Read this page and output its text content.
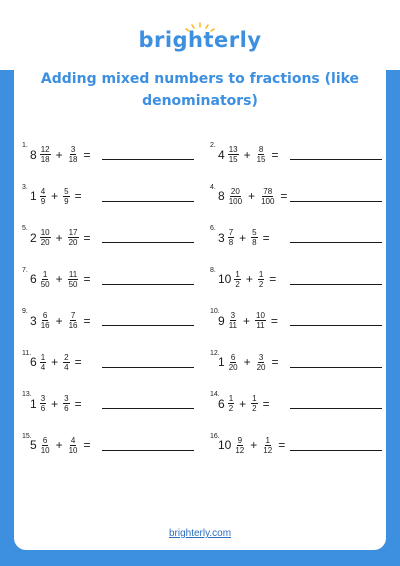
brighterly
Adding mixed numbers to fractions (like denominators)
1.
$8 \frac{12}{18} + \frac{3}{18}$ =
2.
$4 \frac{13}{15} + \frac{8}{15}$ =
3.
$1 \frac{4}{9} + \frac{5}{9}$ =
4.
$8 \frac{20}{100} + \frac{78}{100}$ =
5.
$2 \frac{10}{20} + \frac{17}{20}$ =
6.
$3 \frac{7}{8} + \frac{5}{8}$ =
7.
$6 \frac{1}{50} + \frac{11}{50}$ =
8.
$10 \frac{1}{2} + \frac{1}{2}$ =
9.
$3 \frac{6}{16} + \frac{7}{16}$ =
10.
$9 \frac{3}{11} + \frac{10}{11}$ =
11.
$6 \frac{1}{4} + \frac{2}{4}$ =
12.
$1 \frac{6}{20} + \frac{3}{20}$ =
13.
$1 \frac{3}{6} + \frac{3}{6}$ =
14.
$6 \frac{1}{2} + \frac{1}{2}$ =
15.
$5 \frac{6}{10} + \frac{4}{10}$ =
16.
$10 \frac{9}{12} + \frac{1}{12}$ =
brighterly.com
